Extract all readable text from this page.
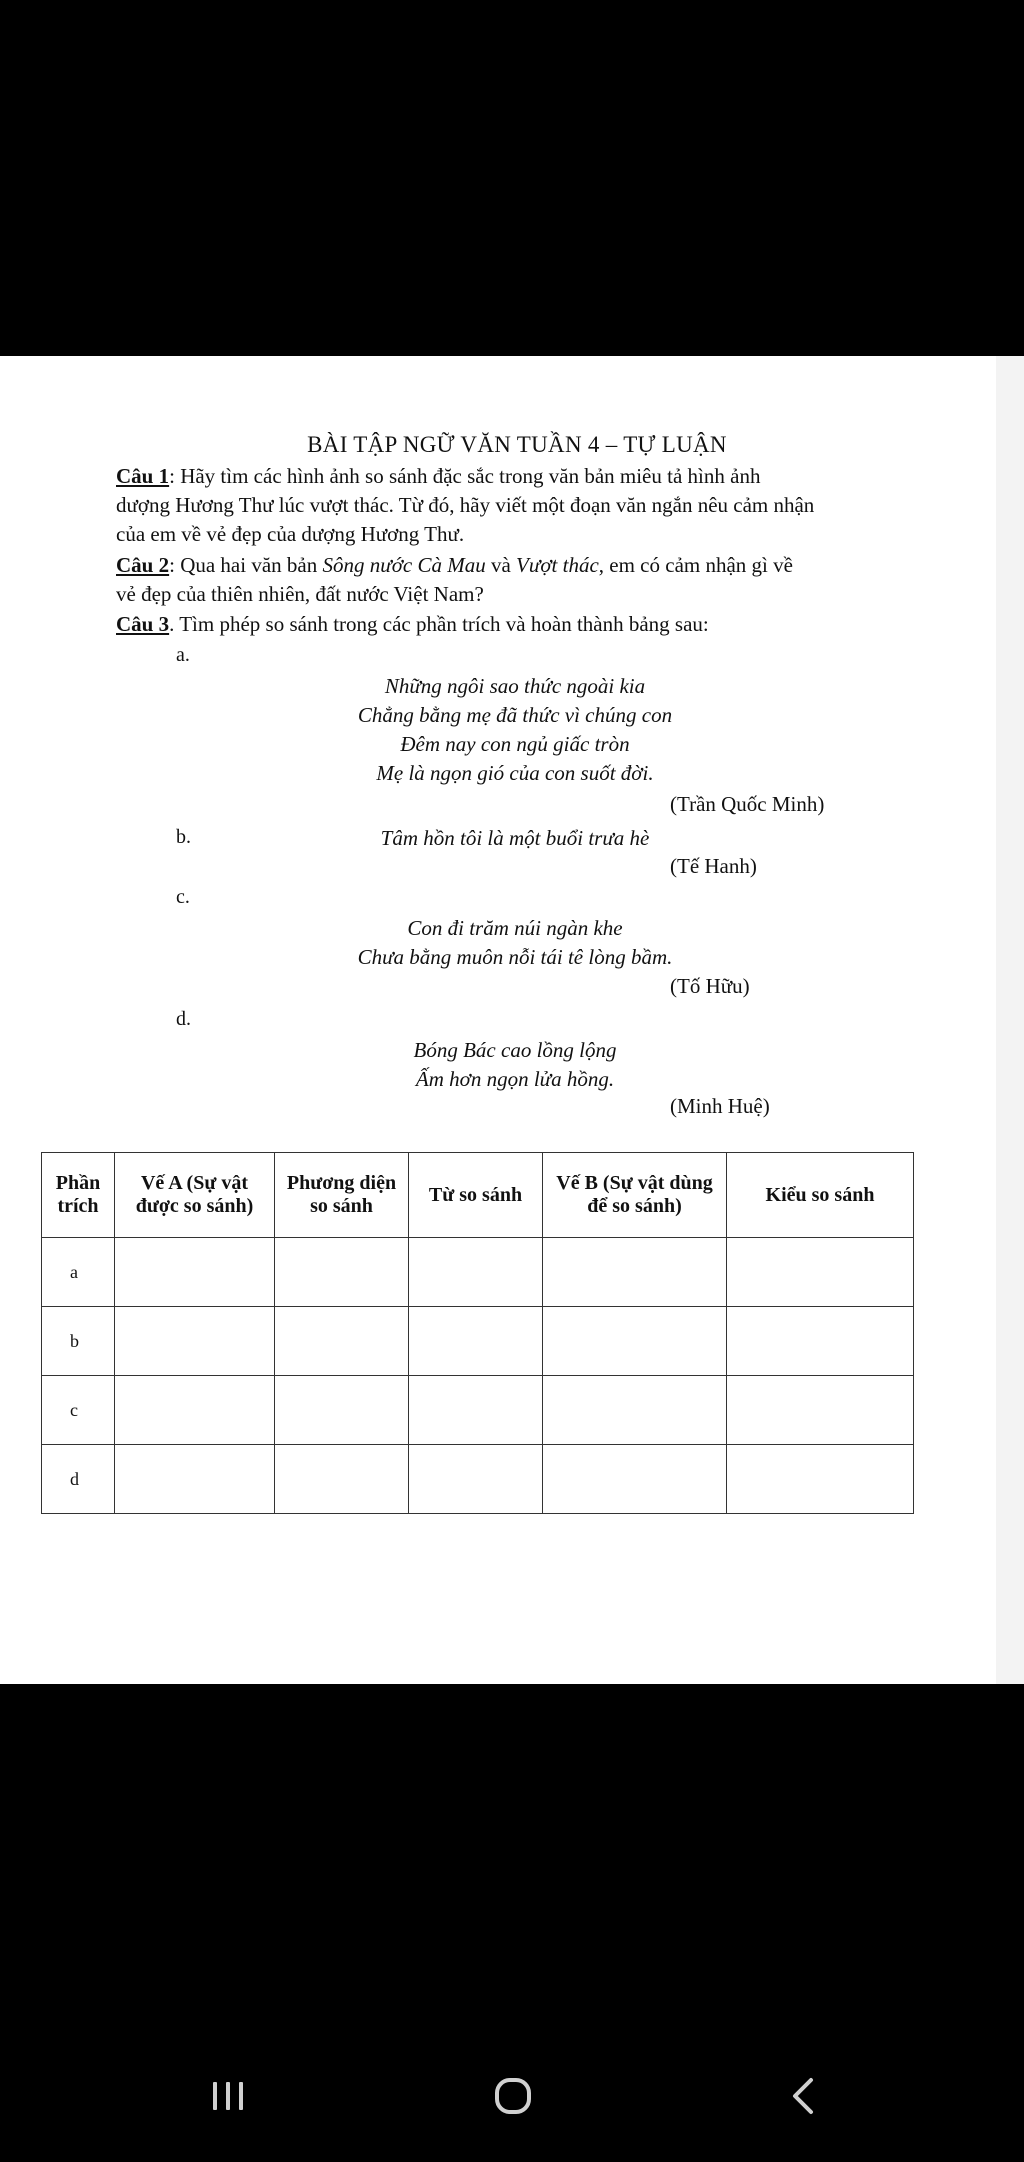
BÀI TẬP NGỮ VĂN TUẦN 4 – TỰ LUẬN
Câu 1: Hãy tìm các hình ảnh so sánh đặc sắc trong văn bản miêu tả hình ảnh
dượng Hương Thư lúc vượt thác. Từ đó, hãy viết một đoạn văn ngắn nêu cảm nhận
của em về vẻ đẹp của dượng Hương Thư.
Câu 2: Qua hai văn bản Sông nước Cà Mau và Vượt thác, em có cảm nhận gì về
vẻ đẹp của thiên nhiên, đất nước Việt Nam?
Câu 3. Tìm phép so sánh trong các phần trích và hoàn thành bảng sau:
a.
Những ngôi sao thức ngoài kia
Chẳng bằng mẹ đã thức vì chúng con
Đêm nay con ngủ giấc tròn
Mẹ là ngọn gió của con suốt đời.
(Trần Quốc Minh)
b.	Tâm hồn tôi là một buổi trưa hè
(Tế Hanh)
c.
Con đi trăm núi ngàn khe
Chưa bằng muôn nỗi tái tê lòng bầm.
(Tố Hữu)
d.
Bóng Bác cao lồng lộng
Ấm hơn ngọn lửa hồng.
(Minh Huệ)
Phần trích	Vế A (Sự vật được so sánh)	Phương diện so sánh	Từ so sánh	Vế B (Sự vật dùng để so sánh)	Kiểu so sánh
a					
b					
c					
d					
